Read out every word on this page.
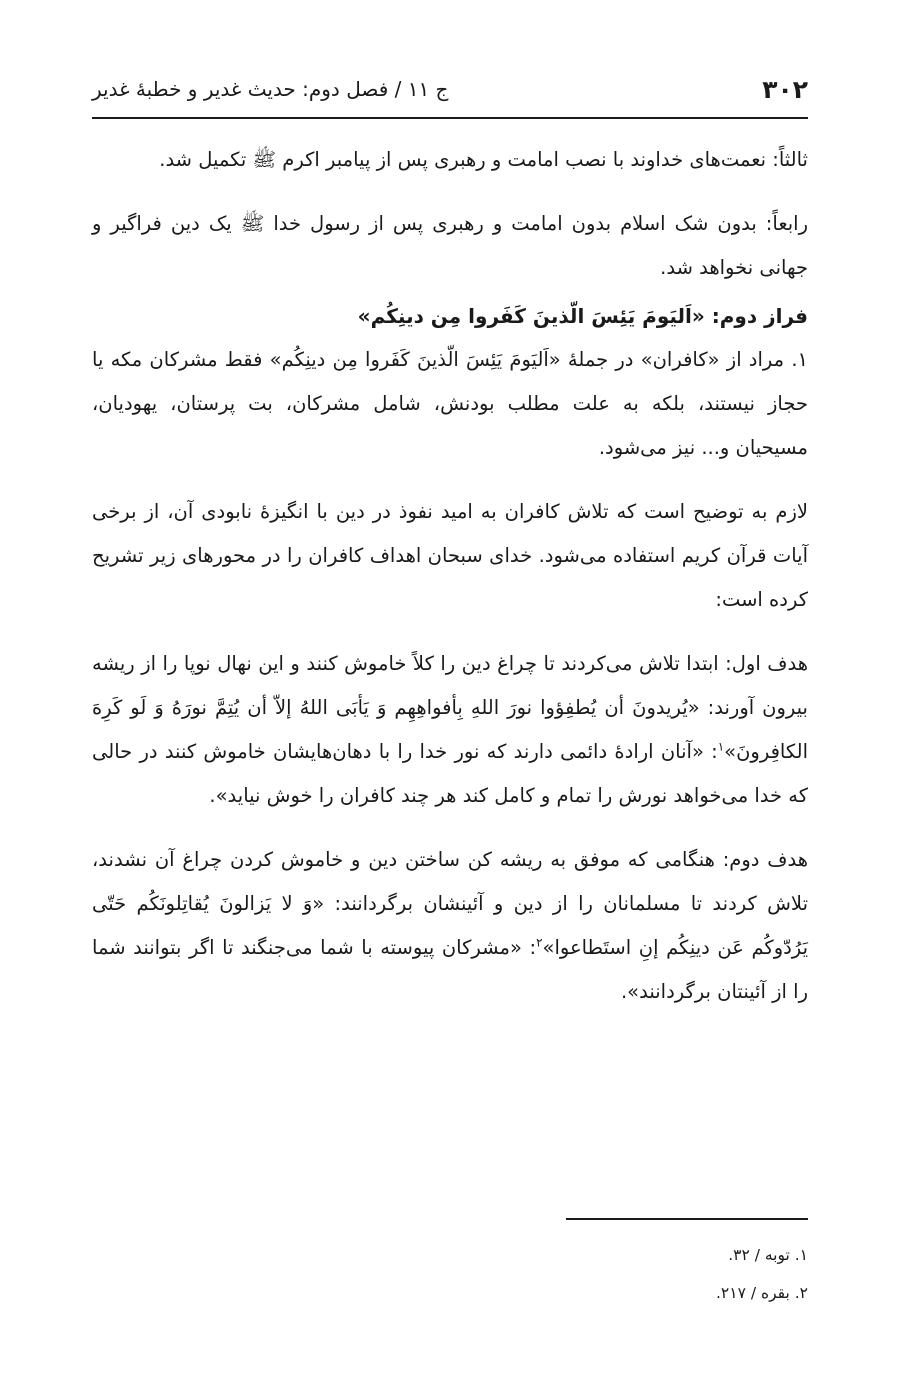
۳۰۲
ج ۱۱ / فصل دوم: حدیث غدیر و خطبهٔ غدیر

ثالثاً: نعمت‌های خداوند با نصب امامت و رهبری پس از پیامبر اکرم ﷺ تکمیل شد.

رابعاً: بدون شک اسلام بدون امامت و رهبری پس از رسول خدا ﷺ یک دین فراگیر و جهانی نخواهد شد.

فراز دوم: «اَلیَومَ یَئِسَ الّذینَ کَفَروا مِن دینِکُم»

۱. مراد از «کافران» در جملهٔ «اَلیَومَ یَئِسَ الّذینَ کَفَروا مِن دینِکُم» فقط مشرکان مکه یا حجاز نیستند، بلکه به علت مطلب بودنش، شامل مشرکان، بت پرستان، یهودیان، مسیحیان و... نیز می‌شود.

لازم به توضیح است که تلاش کافران به امید نفوذ در دین با انگیزهٔ نابودی آن، از برخی آیات قرآن کریم استفاده می‌شود. خدای سبحان اهداف کافران را در محورهای زیر تشریح کرده است:

هدف اول: ابتدا تلاش می‌کردند تا چراغ دین را کلاً خاموش کنند و این نهال نوپا را از ریشه بیرون آورند: «یُریدونَ أن یُطفِؤوا نورَ اللهِ بِأفواهِهِم وَ یَأبَی اللهُ إلاّ أن یُتِمَّ نورَهُ وَ لَو کَرِهَ الکافِرونَ»$^۱$: «آنان ارادهٔ دائمی دارند که نور خدا را با دهان‌هایشان خاموش کنند در حالی که خدا می‌خواهد نورش را تمام و کامل کند هر چند کافران را خوش نیاید».

هدف دوم: هنگامی که موفق به ریشه کن ساختن دین و خاموش کردن چراغ آن نشدند، تلاش کردند تا مسلمانان را از دین و آئینشان برگردانند: «وَ لا یَزالونَ یُقاتِلونَکُم حَتّی یَرُدّوکُم عَن دینِکُم إنِ استَطاعوا»$^۲$: «مشرکان پیوسته با شما می‌جنگند تا اگر بتوانند شما را از آئینتان برگردانند».

۱. توبه / ۳۲.
۲. بقره / ۲۱۷.
